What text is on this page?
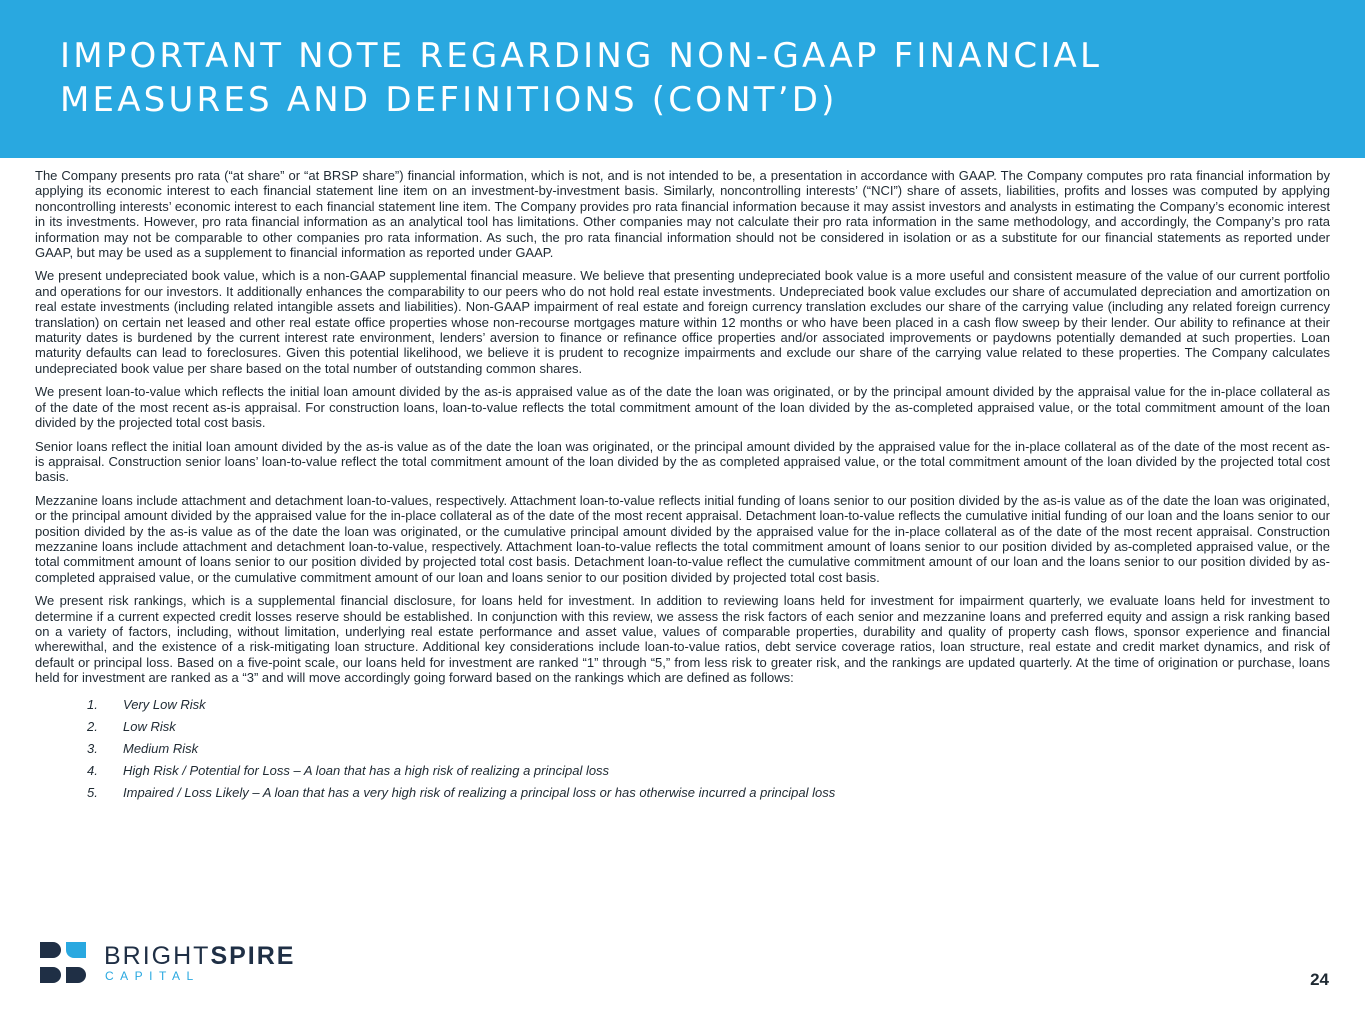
IMPORTANT NOTE REGARDING NON-GAAP FINANCIAL
MEASURES AND DEFINITIONS (CONT’D)

The Company presents pro rata (“at share” or “at BRSP share”) financial information, which is not, and is not intended to be, a presentation in accordance with GAAP. The Company computes pro rata financial information by applying its economic interest to each financial statement line item on an investment-by-investment basis. Similarly, noncontrolling interests’ (“NCI”) share of assets, liabilities, profits and losses was computed by applying noncontrolling interests’ economic interest to each financial statement line item. The Company provides pro rata financial information because it may assist investors and analysts in estimating the Company’s economic interest in its investments. However, pro rata financial information as an analytical tool has limitations. Other companies may not calculate their pro rata information in the same methodology, and accordingly, the Company’s pro rata information may not be comparable to other companies pro rata information. As such, the pro rata financial information should not be considered in isolation or as a substitute for our financial statements as reported under GAAP, but may be used as a supplement to financial information as reported under GAAP.

We present undepreciated book value, which is a non-GAAP supplemental financial measure. We believe that presenting undepreciated book value is a more useful and consistent measure of the value of our current portfolio and operations for our investors. It additionally enhances the comparability to our peers who do not hold real estate investments. Undepreciated book value excludes our share of accumulated depreciation and amortization on real estate investments (including related intangible assets and liabilities). Non-GAAP impairment of real estate and foreign currency translation excludes our share of the carrying value (including any related foreign currency translation) on certain net leased and other real estate office properties whose non-recourse mortgages mature within 12 months or who have been placed in a cash flow sweep by their lender. Our ability to refinance at their maturity dates is burdened by the current interest rate environment, lenders’ aversion to finance or refinance office properties and/or associated improvements or paydowns potentially demanded at such properties. Loan maturity defaults can lead to foreclosures. Given this potential likelihood, we believe it is prudent to recognize impairments and exclude our share of the carrying value related to these properties. The Company calculates undepreciated book value per share based on the total number of outstanding common shares.

We present loan-to-value which reflects the initial loan amount divided by the as-is appraised value as of the date the loan was originated, or by the principal amount divided by the appraisal value for the in-place collateral as of the date of the most recent as-is appraisal. For construction loans, loan-to-value reflects the total commitment amount of the loan divided by the as-completed appraised value, or the total commitment amount of the loan divided by the projected total cost basis.

Senior loans reflect the initial loan amount divided by the as-is value as of the date the loan was originated, or the principal amount divided by the appraised value for the in-place collateral as of the date of the most recent as-is appraisal. Construction senior loans’ loan-to-value reflect the total commitment amount of the loan divided by the as completed appraised value, or the total commitment amount of the loan divided by the projected total cost basis.

Mezzanine loans include attachment and detachment loan-to-values, respectively. Attachment loan-to-value reflects initial funding of loans senior to our position divided by the as-is value as of the date the loan was originated, or the principal amount divided by the appraised value for the in-place collateral as of the date of the most recent appraisal. Detachment loan-to-value reflects the cumulative initial funding of our loan and the loans senior to our position divided by the as-is value as of the date the loan was originated, or the cumulative principal amount divided by the appraised value for the in-place collateral as of the date of the most recent appraisal. Construction mezzanine loans include attachment and detachment loan-to-value, respectively. Attachment loan-to-value reflects the total commitment amount of loans senior to our position divided by as-completed appraised value, or the total commitment amount of loans senior to our position divided by projected total cost basis. Detachment loan-to-value reflect the cumulative commitment amount of our loan and the loans senior to our position divided by as-completed appraised value, or the cumulative commitment amount of our loan and loans senior to our position divided by projected total cost basis.

We present risk rankings, which is a supplemental financial disclosure, for loans held for investment. In addition to reviewing loans held for investment for impairment quarterly, we evaluate loans held for investment to determine if a current expected credit losses reserve should be established. In conjunction with this review, we assess the risk factors of each senior and mezzanine loans and preferred equity and assign a risk ranking based on a variety of factors, including, without limitation, underlying real estate performance and asset value, values of comparable properties, durability and quality of property cash flows, sponsor experience and financial wherewithal, and the existence of a risk-mitigating loan structure. Additional key considerations include loan-to-value ratios, debt service coverage ratios, loan structure, real estate and credit market dynamics, and risk of default or principal loss. Based on a five-point scale, our loans held for investment are ranked “1” through “5,” from less risk to greater risk, and the rankings are updated quarterly. At the time of origination or purchase, loans held for investment are ranked as a “3” and will move accordingly going forward based on the rankings which are defined as follows:

1. Very Low Risk
2. Low Risk
3. Medium Risk
4. High Risk / Potential for Loss – A loan that has a high risk of realizing a principal loss
5. Impaired / Loss Likely – A loan that has a very high risk of realizing a principal loss or has otherwise incurred a principal loss
BRIGHTSPIRE
CAPITAL	24
